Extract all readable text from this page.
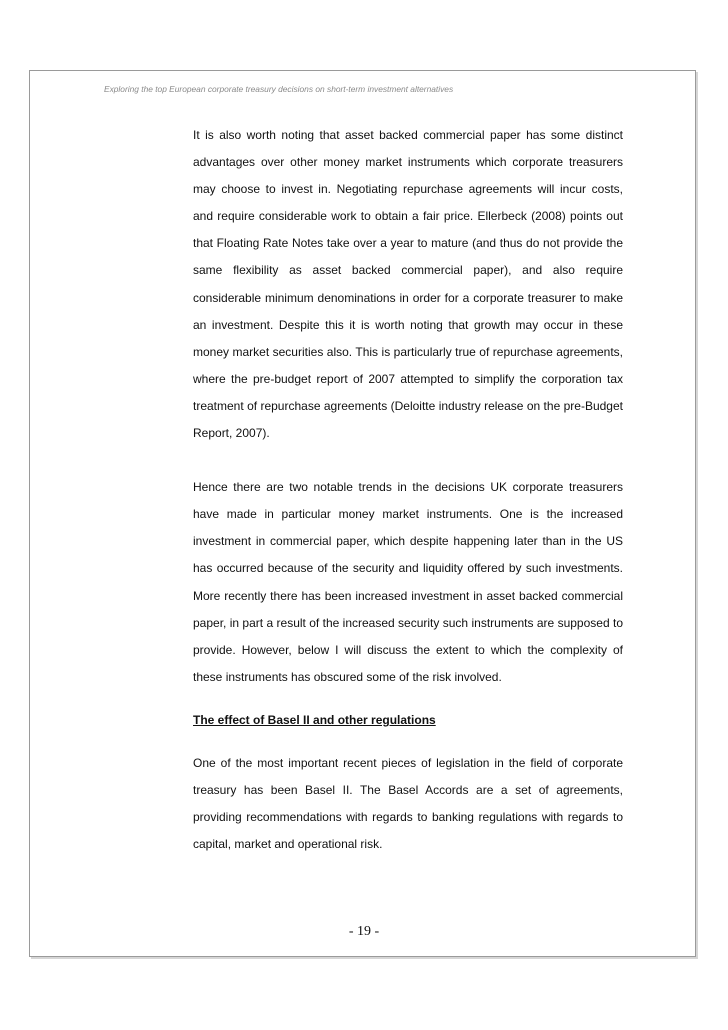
Exploring the top European corporate treasury decisions on short-term investment alternatives

It is also worth noting that asset backed commercial paper has some distinct advantages over other money market instruments which corporate treasurers may choose to invest in. Negotiating repurchase agreements will incur costs, and require considerable work to obtain a fair price. Ellerbeck (2008) points out that Floating Rate Notes take over a year to mature (and thus do not provide the same flexibility as asset backed commercial paper), and also require considerable minimum denominations in order for a corporate treasurer to make an investment. Despite this it is worth noting that growth may occur in these money market securities also. This is particularly true of repurchase agreements, where the pre-budget report of 2007 attempted to simplify the corporation tax treatment of repurchase agreements (Deloitte industry release on the pre-Budget Report, 2007).

Hence there are two notable trends in the decisions UK corporate treasurers have made in particular money market instruments. One is the increased investment in commercial paper, which despite happening later than in the US has occurred because of the security and liquidity offered by such investments. More recently there has been increased investment in asset backed commercial paper, in part a result of the increased security such instruments are supposed to provide. However, below I will discuss the extent to which the complexity of these instruments has obscured some of the risk involved.

The effect of Basel II and other regulations

One of the most important recent pieces of legislation in the field of corporate treasury has been Basel II. The Basel Accords are a set of agreements, providing recommendations with regards to banking regulations with regards to capital, market and operational risk.

- 19 -
